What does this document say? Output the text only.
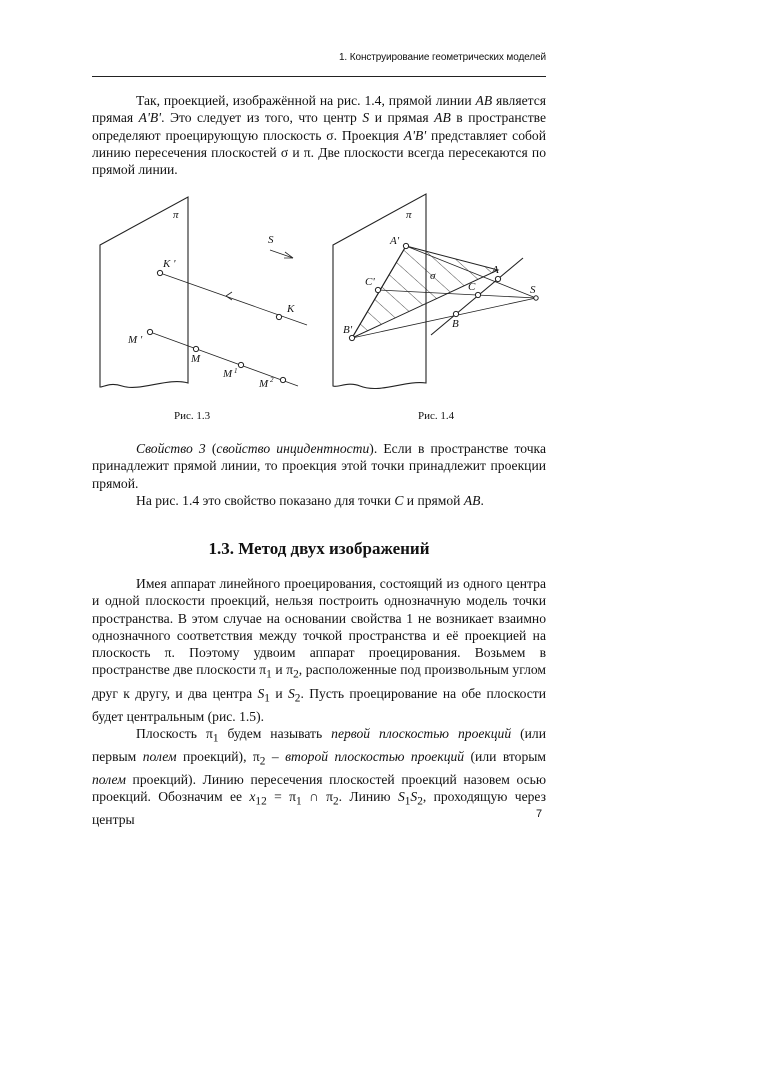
1. Конструирование геометрических моделей

Так, проекцией, изображённой на рис. 1.4, прямой линии AB является прямая A'B'. Это следует из того, что центр S и прямая AB в пространстве определяют проецирующую плоскость σ. Проекция A'B' представляет собой линию пересечения плоскостей σ и π. Две плоскости всегда пересекаются по прямой линии.

π
S
K '
K
M '
M
M 1
M 2
π
A'
C'
B'
σ	A
C
B
S
Рис. 1.3	Рис. 1.4

Свойство 3 (свойство инцидентности). Если в пространстве точка принадлежит прямой линии, то проекция этой точки принадлежит проекции прямой.

На рис. 1.4 это свойство показано для точки C и прямой AB.

1.3. Метод двух изображений

Имея аппарат линейного проецирования, состоящий из одного центра и одной плоскости проекций, нельзя построить однозначную модель точки пространства. В этом случае на основании свойства 1 не возникает взаимно однозначного соответствия между точкой пространства и её проекцией на плоскость π. Поэтому удвоим аппарат проецирования. Возьмем в пространстве две плоскости $\pi_1$ и $\pi_2$, расположенные под произвольным углом друг к другу, и два центра $S_1$ и $S_2$. Пусть проецирование на обе плоскости будет центральным (рис. 1.5).

Плоскость $\pi_1$ будем называть первой плоскостью проекций (или первым полем проекций), $\pi_2$ – второй плоскостью проекций (или вторым полем проекций). Линию пересечения плоскостей проекций назовем осью проекций. Обозначим ее $x_{12} = \pi_1$ ∩ $\pi_2$. Линию $S_1S_2$, проходящую через центры	7
